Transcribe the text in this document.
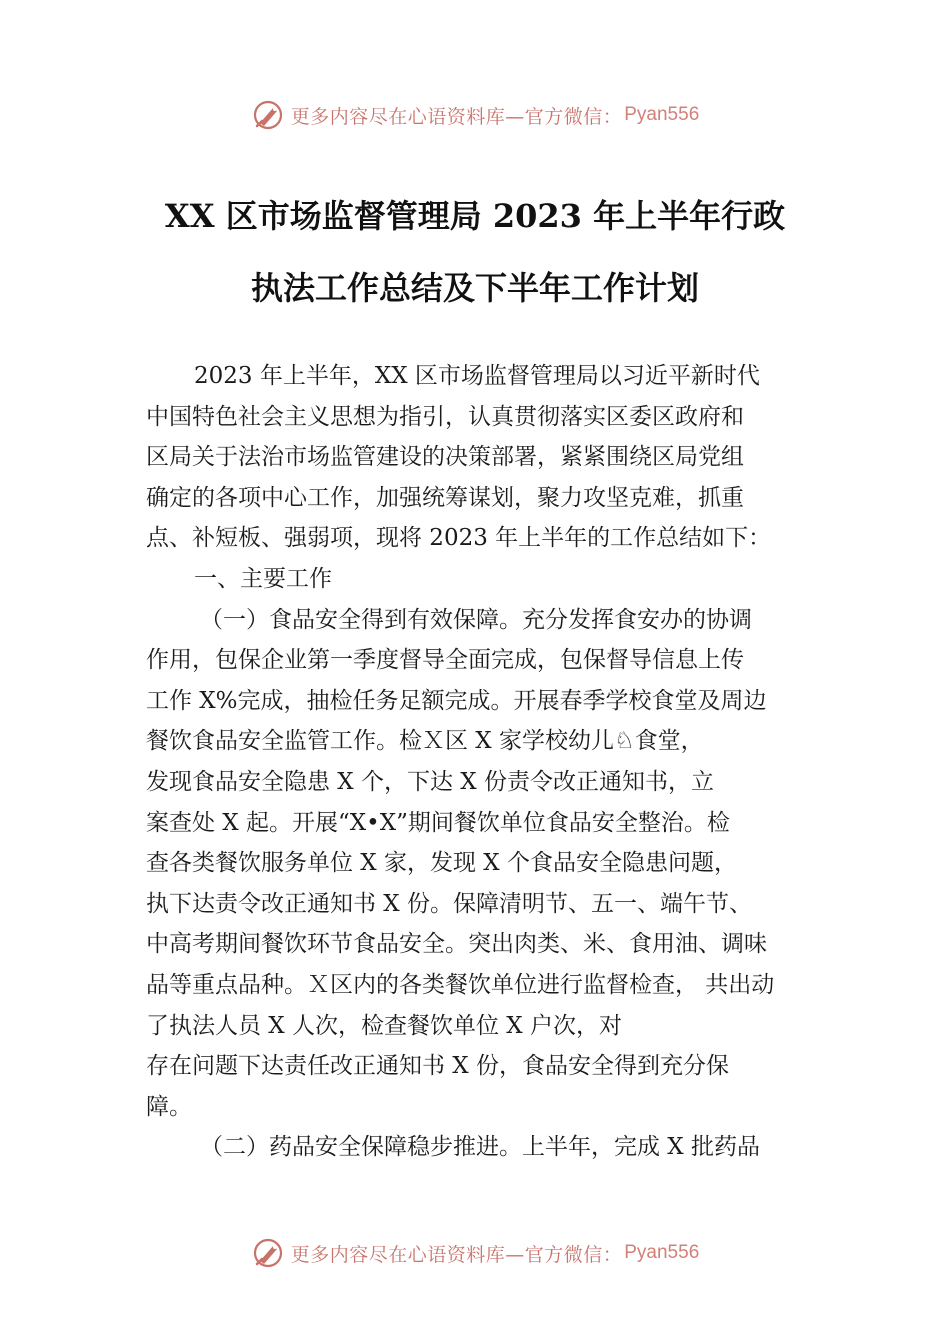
更多内容尽在心语资料库—官方微信： Pyan556
XX 区市场监督管理局 2023 年上半年行政
执法工作总结及下半年工作计划
2023 年上半年，XX 区市场监督管理局以习近平新时代
中国特色社会主义思想为指引，认真贯彻落实区委区政府和
区局关于法治市场监管建设的决策部署，紧紧围绕区局党组
确定的各项中心工作，加强统筹谋划，聚力攻坚克难，抓重
点、补短板、强弱项，现将 2023 年上半年的工作总结如下：
一、主要工作
（一）食品安全得到有效保障。充分发挥食安办的协调
作用，包保企业第一季度督导全面完成，包保督导信息上传
工作 X%完成，抽检任务足额完成。开展春季学校食堂及周边
餐饮食品安全监管工作。检Ｘ区 X 家学校幼儿♘食堂，
发现食品安全隐患 X 个，下达 X 份责令改正通知书，立
案查处 X 起。开展“X•X”期间餐饮单位食品安全整治。检
查各类餐饮服务单位 X 家，发现 X 个食品安全隐患问题，
执下达责令改正通知书 X 份。保障清明节、五一、端午节、
中高考期间餐饮环节食品安全。突出肉类、米、食用油、调味
品等重点品种。Ｘ区内的各类餐饮单位进行监督检查， 共出动
了执法人员 X 人次，检查餐饮单位 X 户次，对
存在问题下达责任改正通知书 X 份，食品安全得到充分保
障。
（二）药品安全保障稳步推进。上半年，完成 X 批药品
更多内容尽在心语资料库—官方微信： Pyan556
